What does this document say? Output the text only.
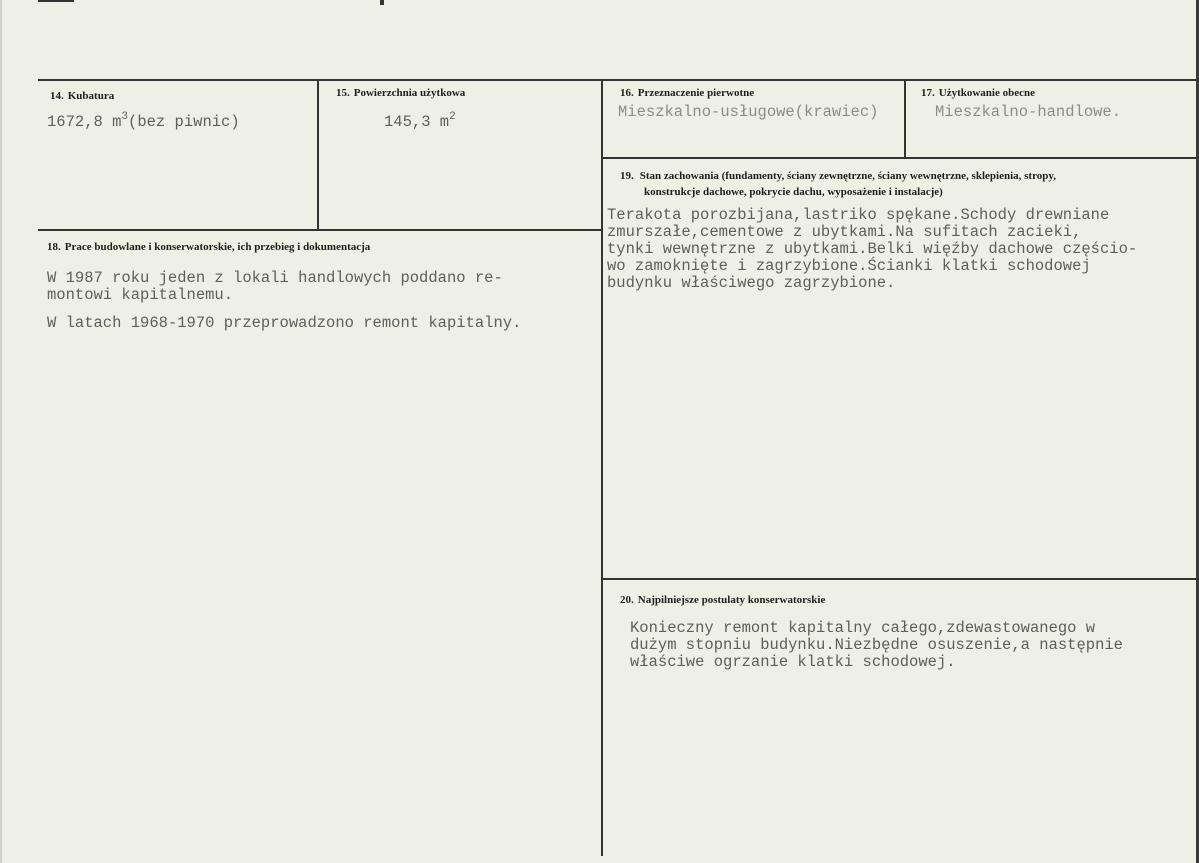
14. Kubatura
1672,8 $m^3(bez$ piwnic)
15. Powierzchnia użytkowa
145,3 $m^2$
16. Przeznaczenie pierwotne
Mieszkalno-usługowe(krawiec)
17. Użytkowanie obecne
Mieszkalno-handlowe.
19. Stan zachowania (fundamenty, ściany zewnętrzne, ściany wewnętrzne, sklepienia, stropy,
konstrukcje dachowe, pokrycie dachu, wyposażenie i instalacje)
Terakota porozbijana,lastriko spękane.Schody drewniane
zmurszałe,cementowe z ubytkami.Na sufitach zacieki,
tynki wewnętrzne z ubytkami.Belki więźby dachowe częścio-
wo zamoknięte i zagrzybione.Ścianki klatki schodowej
budynku właściwego zagrzybione.
18. Prace budowlane i konserwatorskie, ich przebieg i dokumentacja
W 1987 roku jeden z lokali handlowych poddano re-
montowi kapitalnemu.
W latach 1968-1970 przeprowadzono remont kapitalny.
20. Najpilniejsze postulaty konserwatorskie
Konieczny remont kapitalny całego,zdewastowanego w
dużym stopniu budynku.Niezbędne osuszenie,a następnie
właściwe ogrzanie klatki schodowej.
